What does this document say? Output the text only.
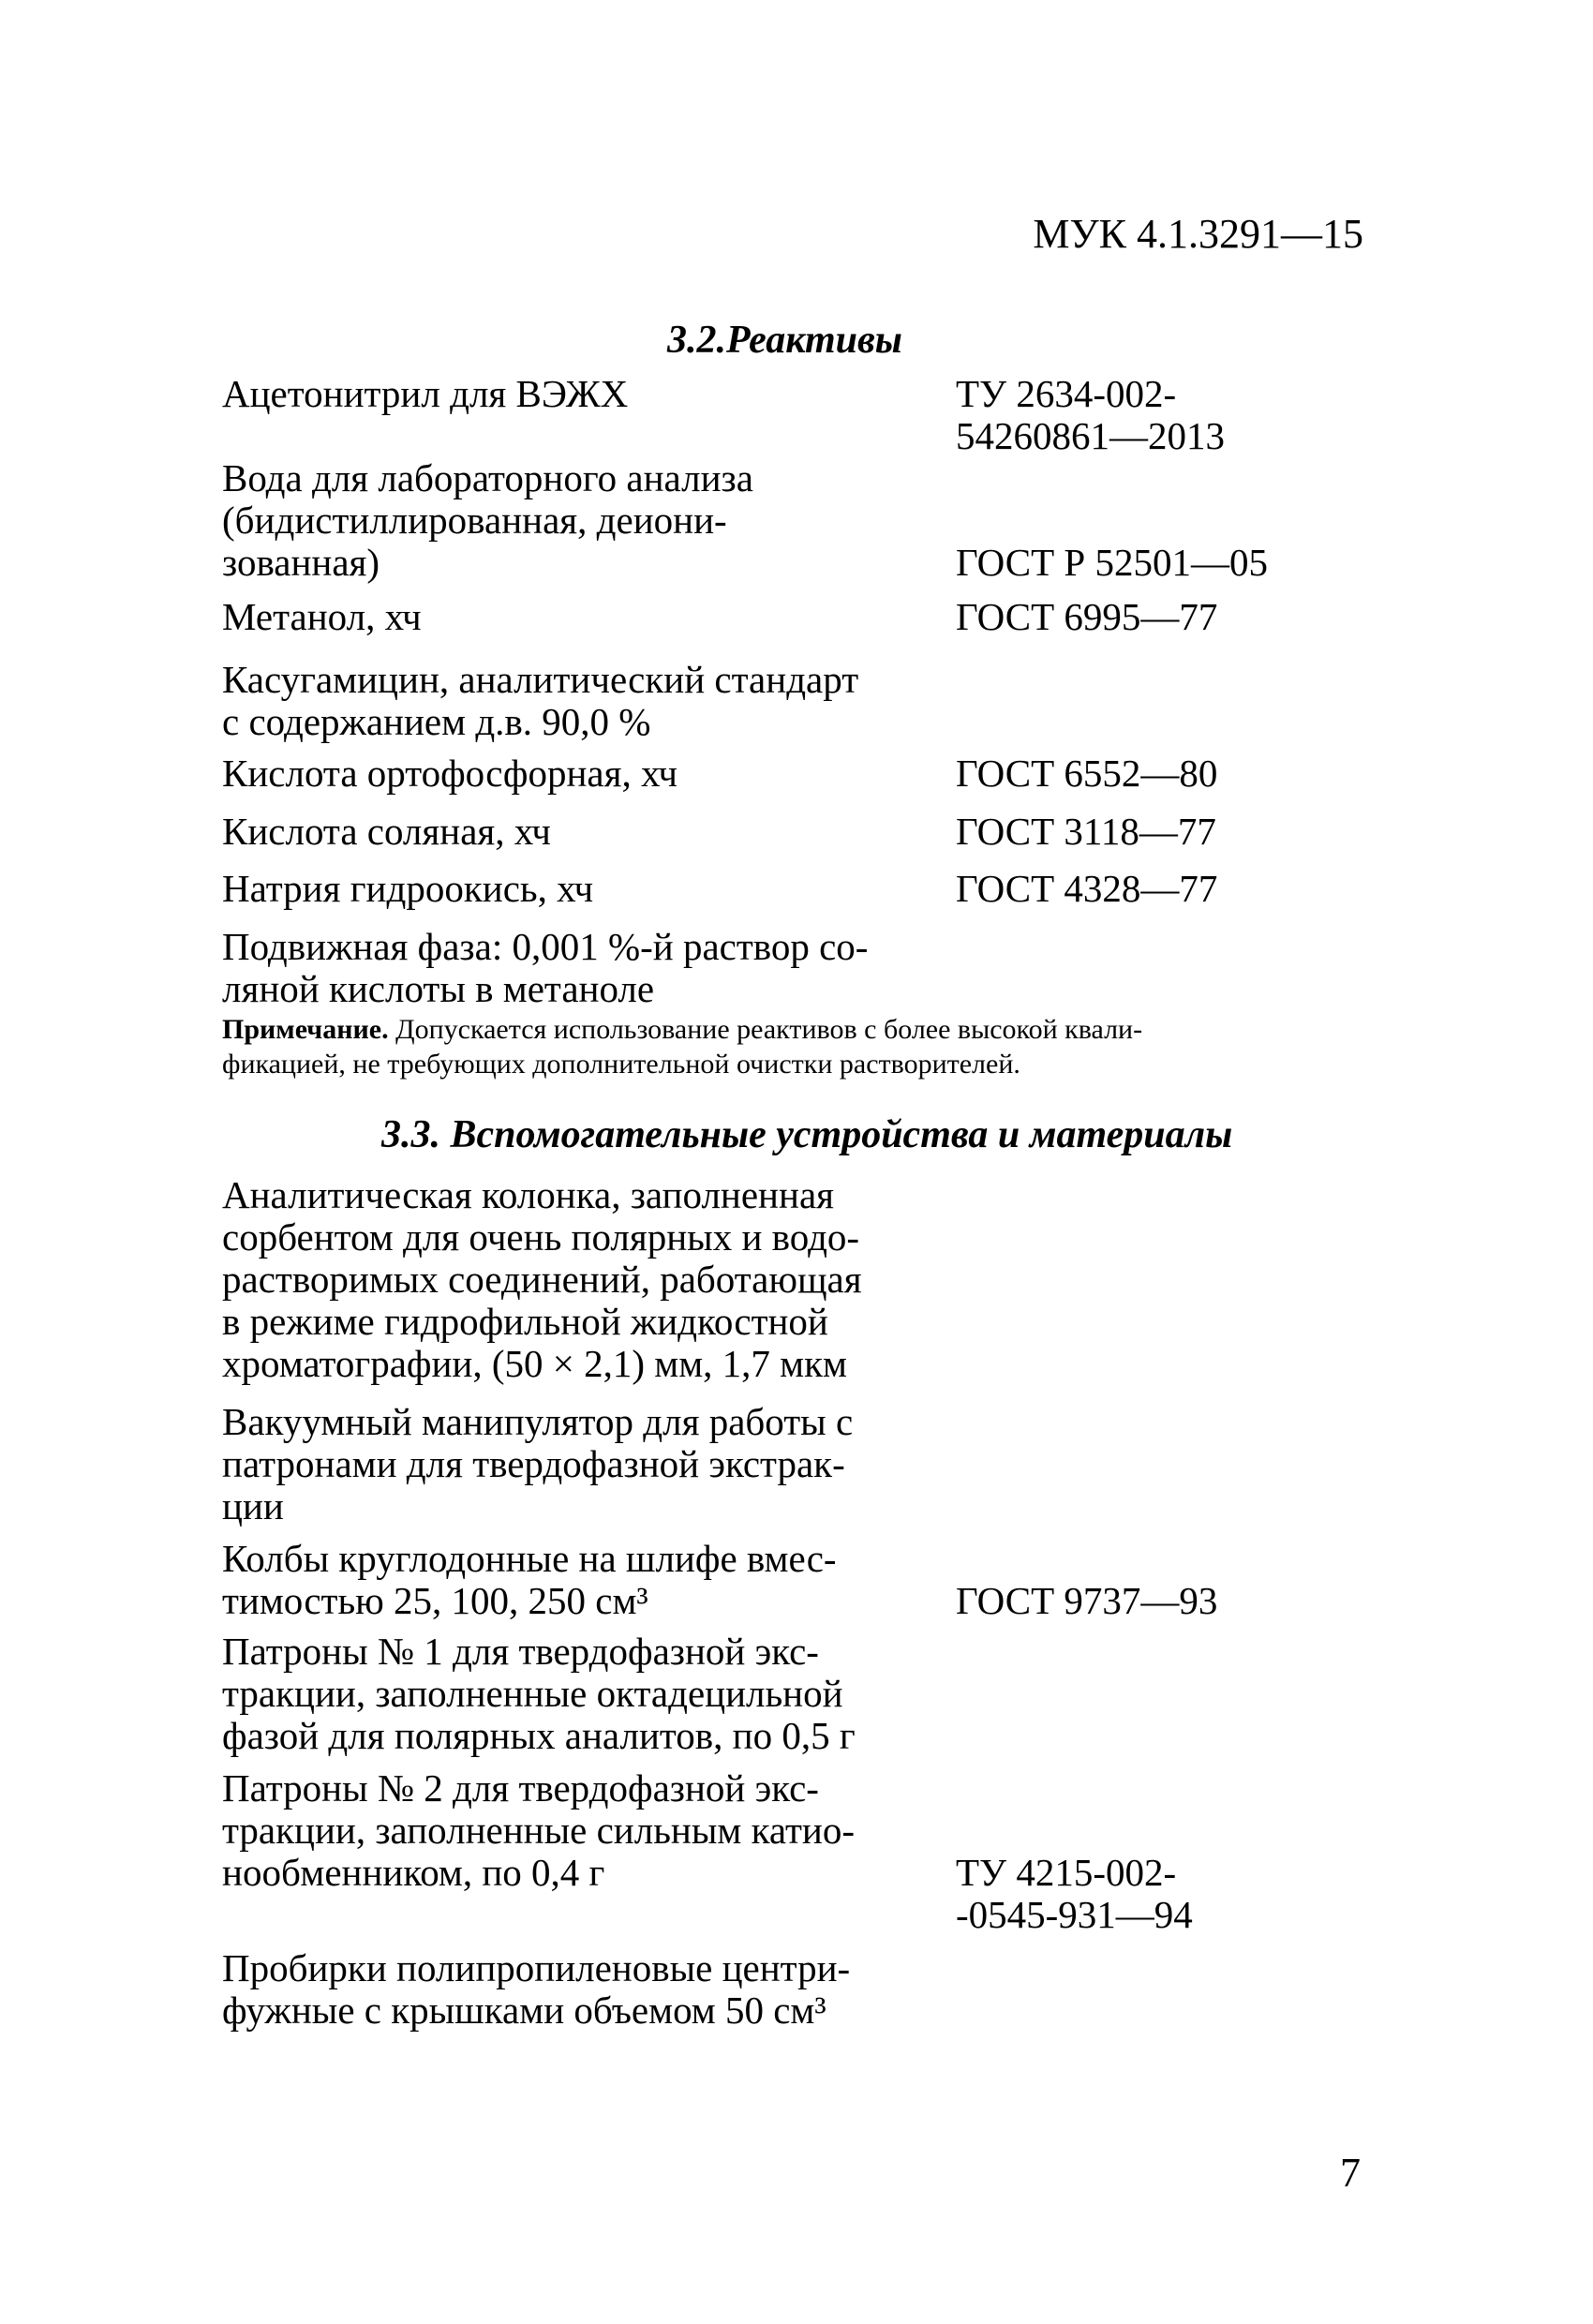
МУК 4.1.3291—15
3.2.Реактивы
Ацетонитрил для ВЭЖХ	ТУ 2634-002-
54260861—2013
Вода для лабораторного анализа
(бидистиллированная, деиони-
зованная)	ГОСТ Р 52501—05
Метанол, хч	ГОСТ 6995—77
Касугамицин, аналитический стандарт
с содержанием д.в. 90,0 %
Кислота ортофосфорная, хч	ГОСТ 6552—80
Кислота соляная, хч	ГОСТ 3118—77
Натрия гидроокись, хч	ГОСТ 4328—77
Подвижная фаза: 0,001 %-й раствор со-
ляной кислоты в метаноле
Примечание. Допускается использование реактивов с более высокой квали-
фикацией, не требующих дополнительной очистки растворителей.
3.3. Вспомогательные устройства и материалы
Аналитическая колонка, заполненная
сорбентом для очень полярных и водо-
растворимых соединений, работающая
в режиме гидрофильной жидкостной
хроматографии, (50 × 2,1) мм, 1,7 мкм
Вакуумный манипулятор для работы с
патронами для твердофазной экстрак-
ции
Колбы круглодонные на шлифе вмес-
тимостью 25, 100, 250 см³	ГОСТ 9737—93
Патроны № 1 для твердофазной экс-
тракции, заполненные октадецильной
фазой для полярных аналитов, по 0,5 г
Патроны № 2 для твердофазной экс-
тракции, заполненные сильным катио-
нообменником, по 0,4 г	ТУ 4215-002-
-0545-931—94
Пробирки полипропиленовые центри-
фужные с крышками объемом 50 см³
7
